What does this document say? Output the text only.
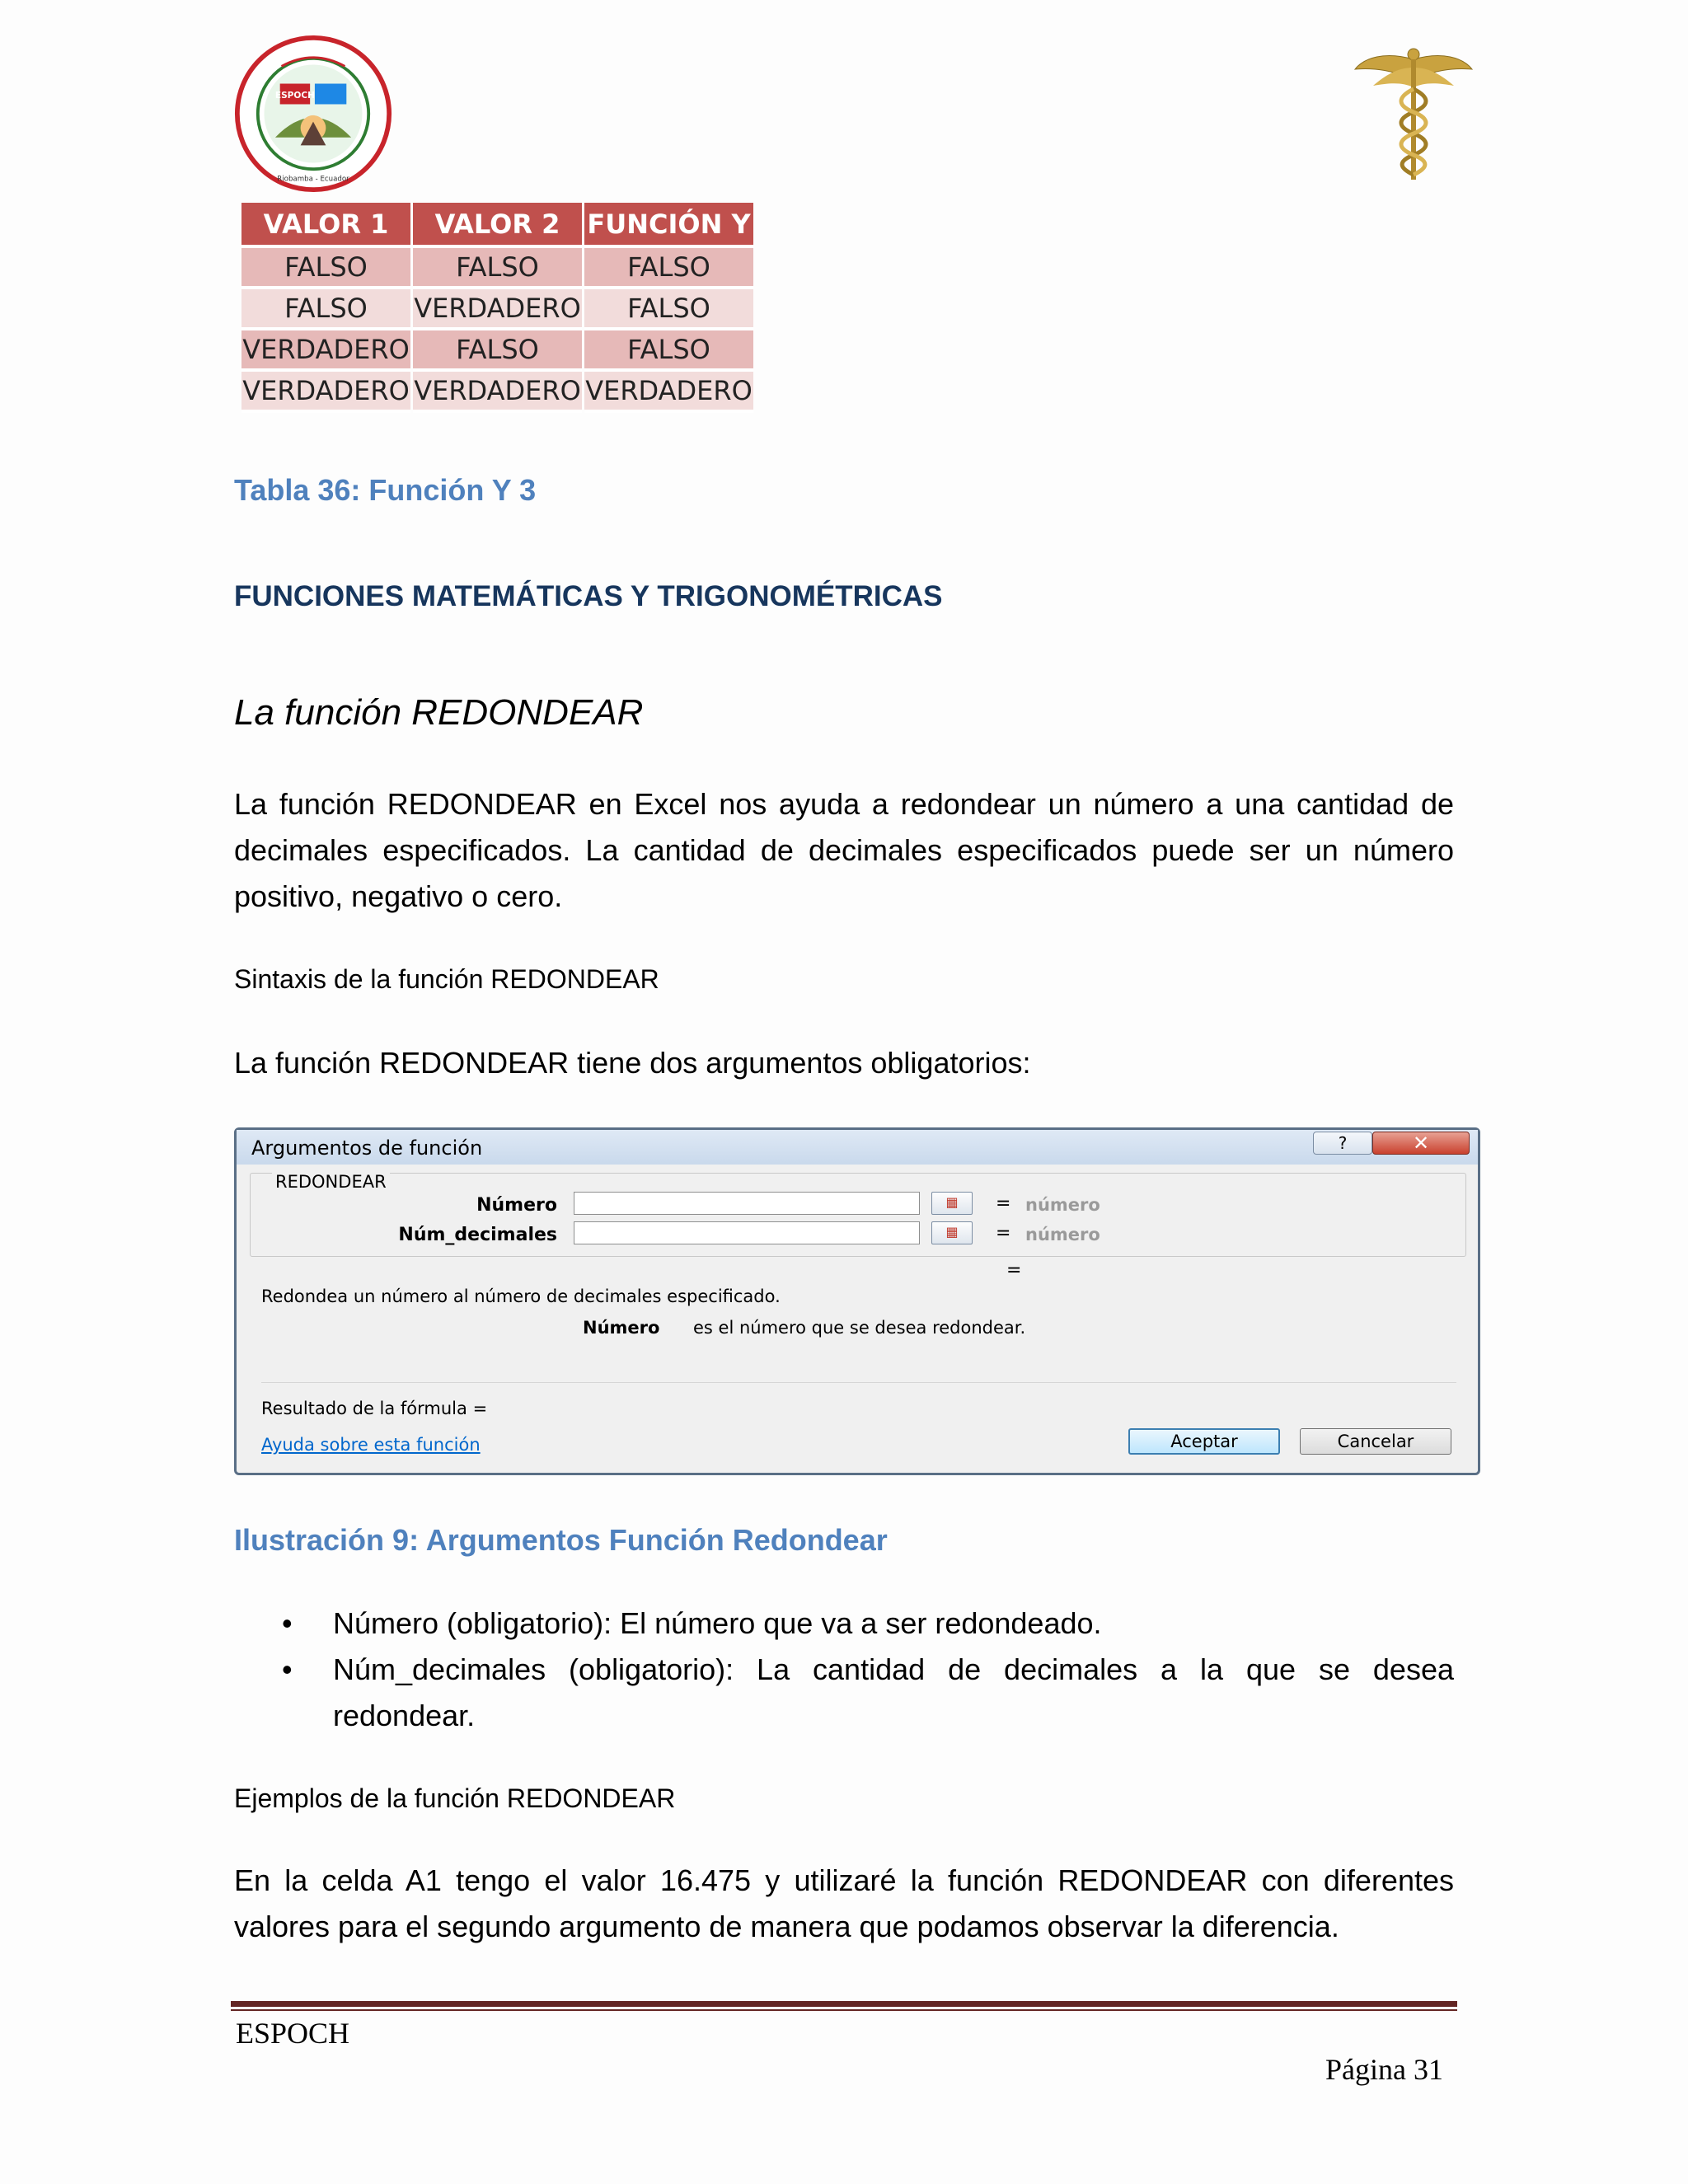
ESPOCH
Riobamba - Ecuador
VALOR 1	VALOR 2	FUNCIÓN Y
FALSO	FALSO	FALSO
FALSO	VERDADERO	FALSO
VERDADERO	FALSO	FALSO
VERDADERO	VERDADERO	VERDADERO
Tabla 36: Función Y 3
FUNCIONES MATEMÁTICAS Y TRIGONOMÉTRICAS
La función REDONDEAR
La función REDONDEAR en Excel nos ayuda a redondear un número a una cantidad de decimales especificados. La cantidad de decimales especificados puede ser un número positivo, negativo o cero.
Sintaxis de la función REDONDEAR
La función REDONDEAR tiene dos argumentos obligatorios:
Argumentos de función	?	✕
REDONDEAR
Número	▦	= número
Núm_decimales	▦	= número
=
Redondea un número al número de decimales especificado.
Número es el número que se desea redondear.
Resultado de la fórmula =
Ayuda sobre esta función	Aceptar	Cancelar
Ilustración 9: Argumentos Función Redondear
• Número (obligatorio): El número que va a ser redondeado.
• Núm_decimales (obligatorio): La cantidad de decimales a la que se desea redondear.
Ejemplos de la función REDONDEAR
En la celda A1 tengo el valor 16.475 y utilizaré la función REDONDEAR con diferentes valores para el segundo argumento de manera que podamos observar la diferencia.
ESPOCH
Página 31
